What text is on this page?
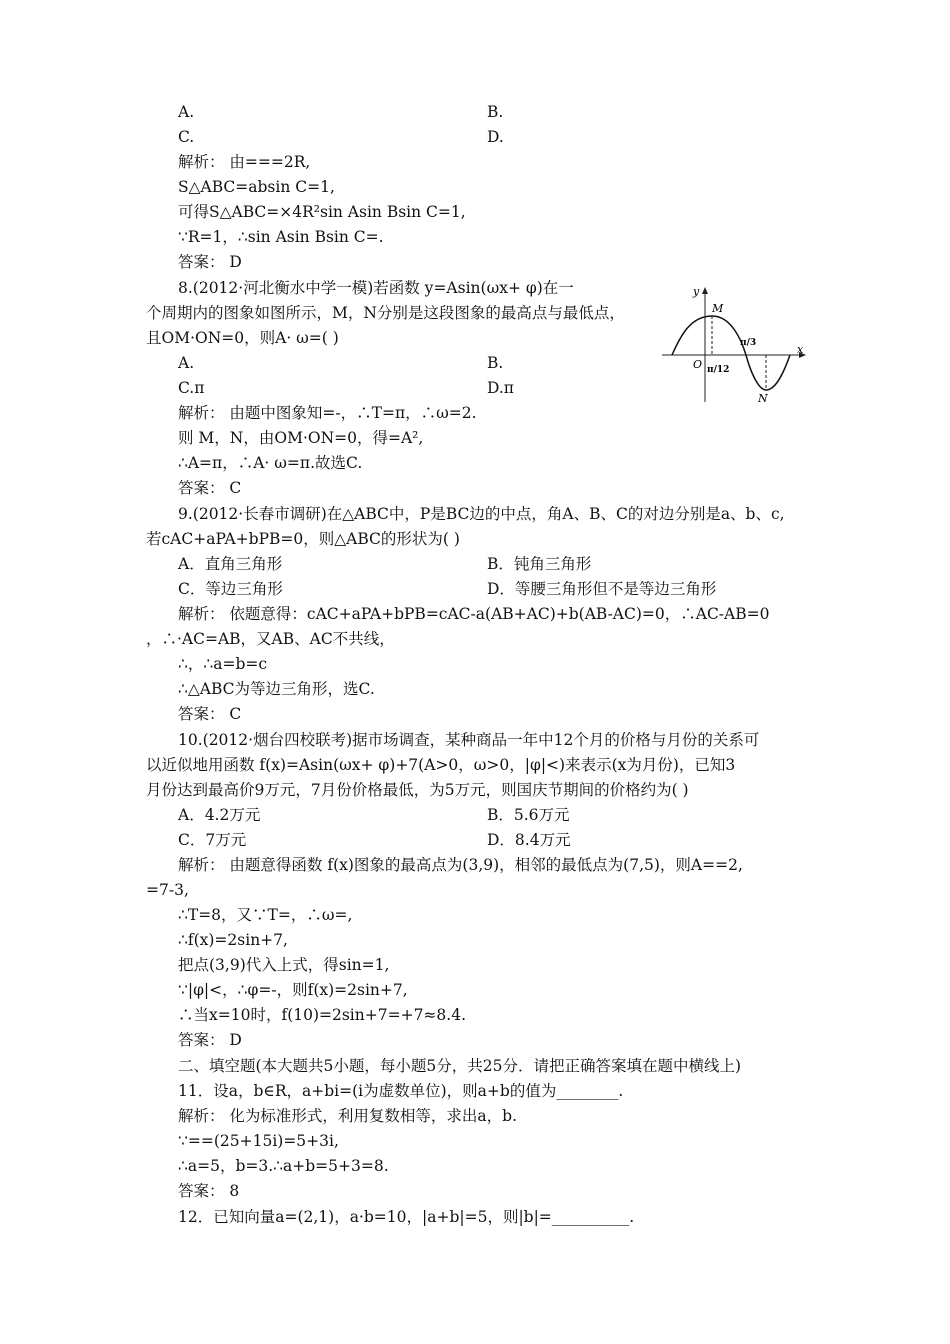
A.	B.
C.	D.
解析： 由===2R,
S△ABC=absin C=1,
可得S△ABC=×4R²sin Asin Bsin C=1,
∵R=1，∴sin Asin Bsin C=.
答案： D
8.(2012·河北衡水中学一模)若函数 y=Asin(ωx+ φ)在一
个周期内的图象如图所示，M，N分别是这段图象的最高点与最低点，
且OM·ON=0，则A· ω=( )
A.	B.
C.π	D.π
解析： 由题中图象知=-，∴T=π，∴ω=2.
则 M，N，由OM·ON=0，得=A²,
∴A=π，∴A· ω=π.故选C.
答案： C
9.(2012·长春市调研)在△ABC中，P是BC边的中点，角A、B、C的对边分别是a、b、c,
若cAC+aPA+bPB=0，则△ABC的形状为( )
A．直角三角形	B．钝角三角形
C．等边三角形	D．等腰三角形但不是等边三角形
解析： 依题意得：cAC+aPA+bPB=cAC-a(AB+AC)+b(AB-AC)=0，∴AC-AB=0
，∴·AC=AB，又AB、AC不共线，
∴，∴a=b=c
∴△ABC为等边三角形，选C.
答案： C
10.(2012·烟台四校联考)据市场调查，某种商品一年中12个月的价格与月份的关系可
以近似地用函数 f(x)=Asin(ωx+ φ)+7(A>0，ω>0，|φ|<)来表示(x为月份)，已知3
月份达到最高价9万元，7月份价格最低，为5万元，则国庆节期间的价格约为( )
A．4.2万元	B．5.6万元
C．7万元	D．8.4万元
解析： 由题意得函数 f(x)图象的最高点为(3,9)，相邻的最低点为(7,5)，则A==2,
=7-3,
∴T=8，又∵T=，∴ω=,
∴f(x)=2sin+7,
把点(3,9)代入上式，得sin=1,
∵|φ|<，∴φ=-，则f(x)=2sin+7,
∴当x=10时，f(10)=2sin+7=+7≈8.4.
答案： D
二、填空题(本大题共5小题，每小题5分，共25分．请把正确答案填在题中横线上)
11．设a，b∈R，a+bi=(i为虚数单位)，则a+b的值为________.
解析： 化为标准形式，利用复数相等，求出a，b.
∵==(25+15i)=5+3i,
∴a=5，b=3.∴a+b=5+3=8.
答案： 8
12．已知向量a=(2,1)，a·b=10，|a+b|=5，则|b|=__________.
y
x
O
M
N
π/12
π/3
